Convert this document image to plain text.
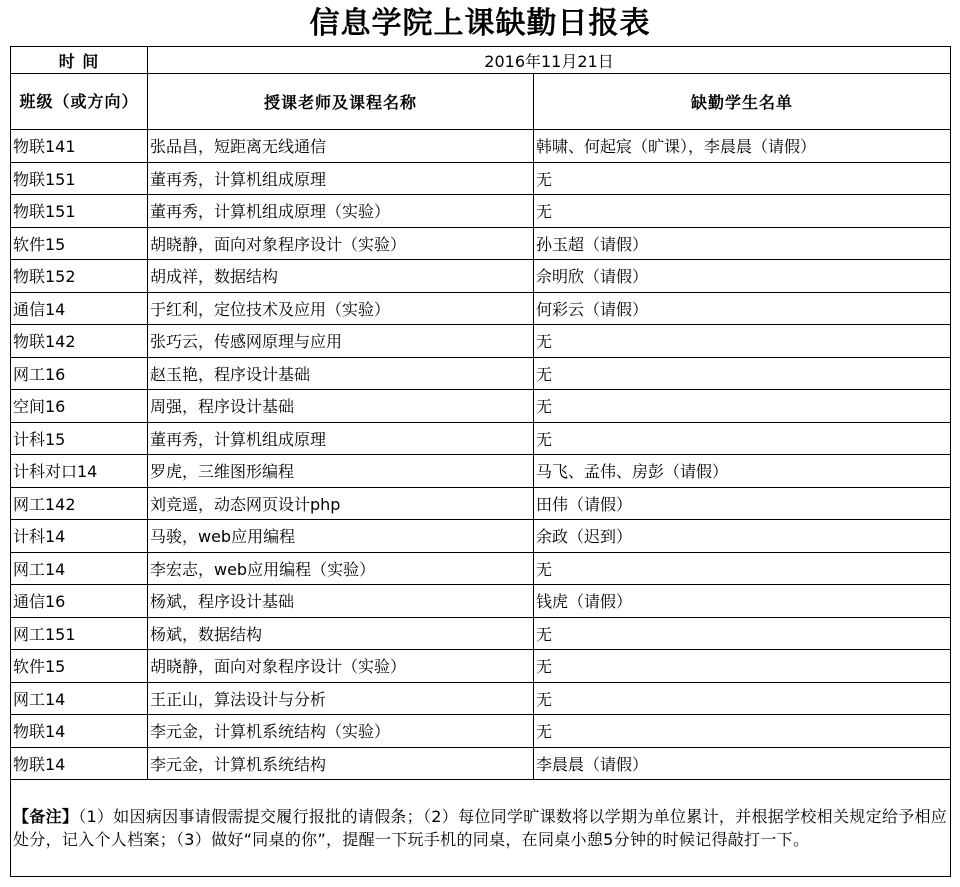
信息学院上课缺勤日报表
时 间	2016年11月21日	
班级（或方向）	授课老师及课程名称	缺勤学生名单
物联141	张品昌，短距离无线通信	韩啸、何起宸（旷课），李晨晨（请假）
物联151	董再秀，计算机组成原理	无
物联151	董再秀，计算机组成原理（实验）	无
软件15	胡晓静，面向对象程序设计（实验）	孙玉超（请假）
物联152	胡成祥，数据结构	佘明欣（请假）
通信14	于红利，定位技术及应用（实验）	何彩云（请假）
物联142	张巧云，传感网原理与应用	无
网工16	赵玉艳，程序设计基础	无
空间16	周强，程序设计基础	无
计科15	董再秀，计算机组成原理	无
计科对口14	罗虎，三维图形编程	马飞、孟伟、房彭（请假）
网工142	刘竞遥，动态网页设计php	田伟（请假）
计科14	马骏，web应用编程	余政（迟到）
网工14	李宏志，web应用编程（实验）	无
通信16	杨斌，程序设计基础	钱虎（请假）
网工151	杨斌，数据结构	无
软件15	胡晓静，面向对象程序设计（实验）	无
网工14	王正山，算法设计与分析	无
物联14	李元金，计算机系统结构（实验）	无
物联14	李元金，计算机系统结构	李晨晨（请假）
【备注】（1）如因病因事请假需提交履行报批的请假条；（2）每位同学旷课数将以学期为单位累计，并根据学校相关规定给予相应处分，记入个人档案；（3）做好“同桌的你”，提醒一下玩手机的同桌，在同桌小憩5分钟的时候记得敲打一下。		
